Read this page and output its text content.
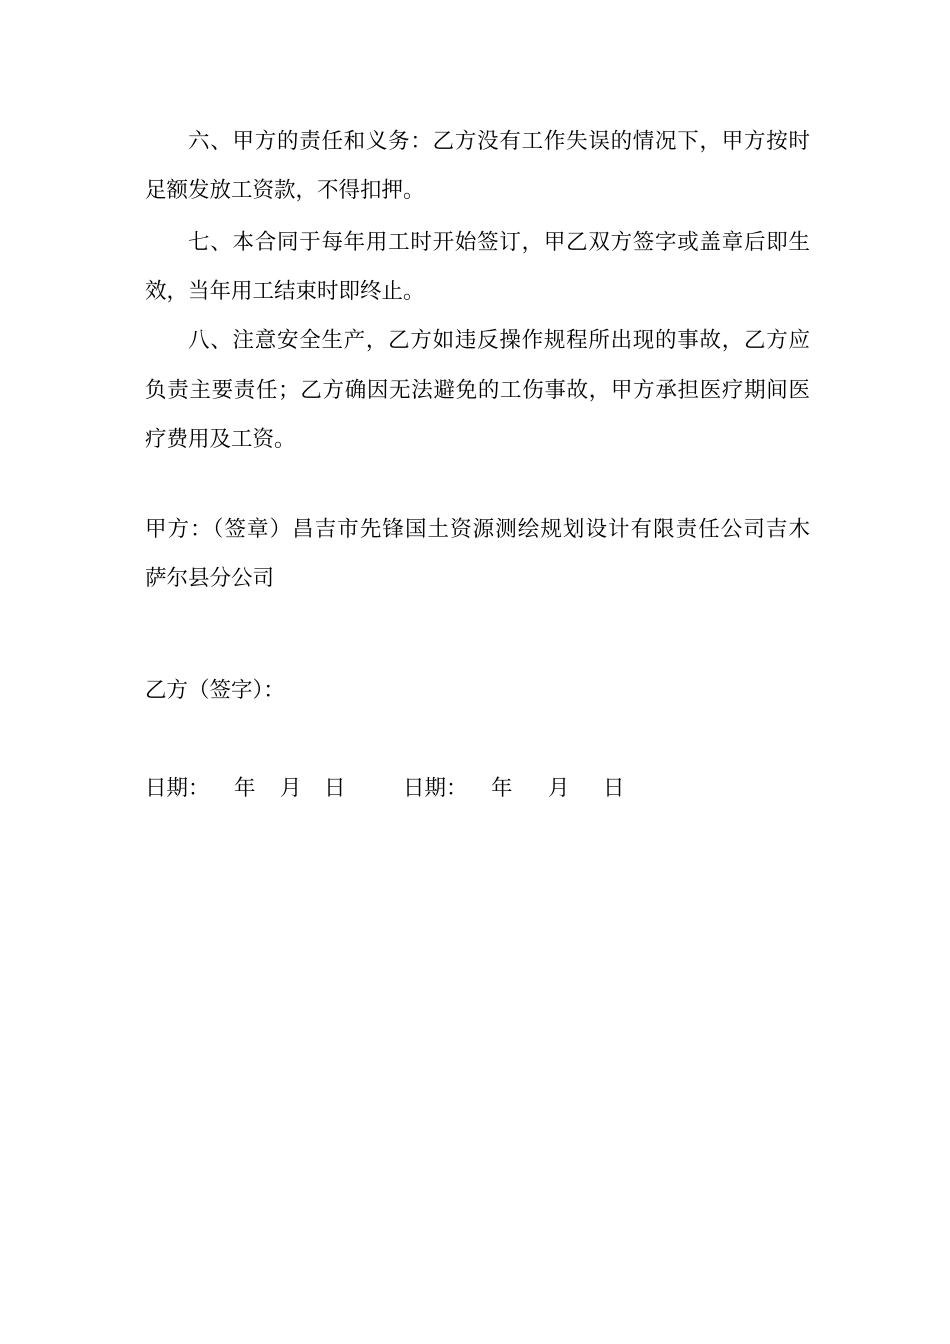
六、甲方的责任和义务：乙方没有工作失误的情况下，甲方按时
足额发放工资款，不得扣押。
七、本合同于每年用工时开始签订，甲乙双方签字或盖章后即生
效，当年用工结束时即终止。
八、注意安全生产，乙方如违反操作规程所出现的事故，乙方应
负责主要责任；乙方确因无法避免的工伤事故，甲方承担医疗期间医
疗费用及工资。
甲方：（签章）昌吉市先锋国土资源测绘规划设计有限责任公司吉木
萨尔县分公司
乙方（签字）：
日期： 年 月 日	日期： 年 月 日
